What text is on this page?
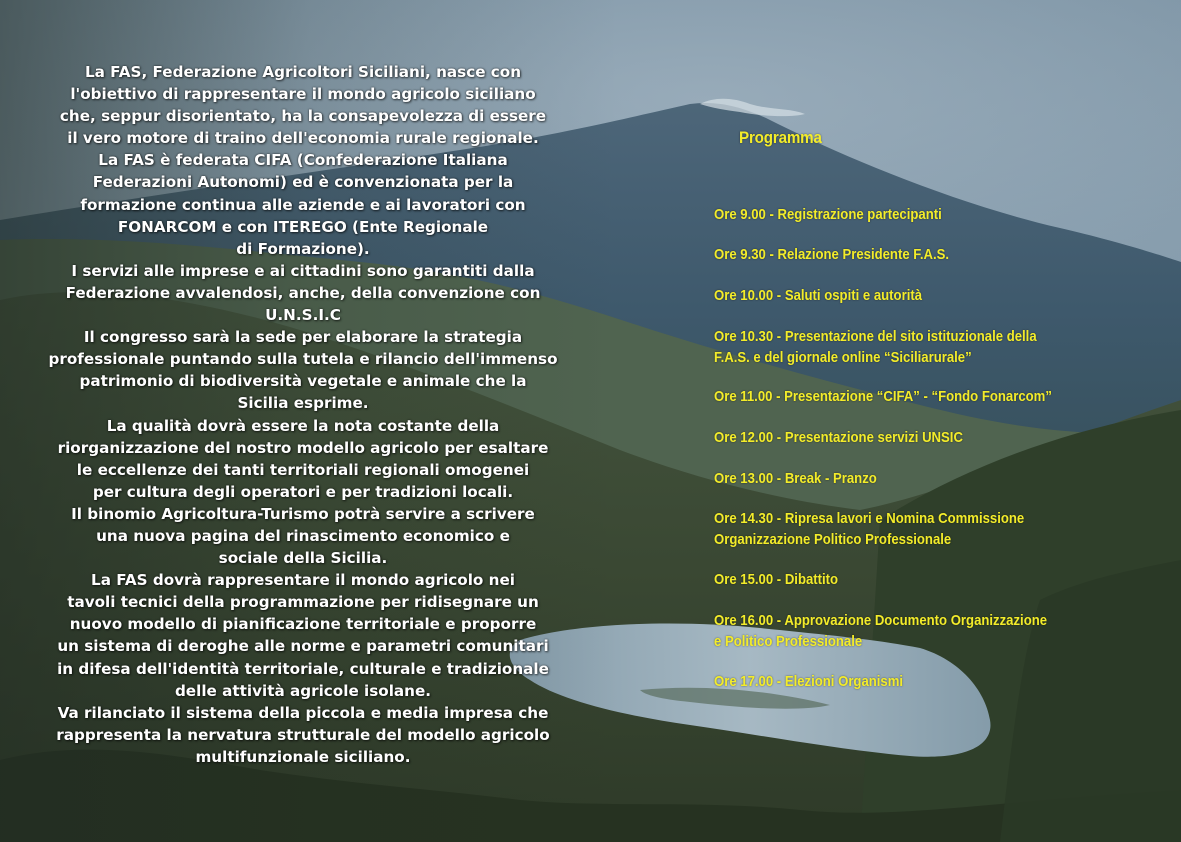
La FAS, Federazione Agricoltori Siciliani, nasce con
l'obiettivo di rappresentare il mondo agricolo siciliano
che, seppur disorientato, ha la consapevolezza di essere
il vero motore di traino dell'economia rurale regionale.
La FAS è federata CIFA (Confederazione Italiana
Federazioni Autonomi) ed è convenzionata per la
formazione continua alle aziende e ai lavoratori con
FONARCOM e con ITEREGO (Ente Regionale
di Formazione).
I servizi alle imprese e ai cittadini sono garantiti dalla
Federazione avvalendosi, anche, della convenzione con
U.N.S.I.C
Il congresso sarà la sede per elaborare la strategia
professionale puntando sulla tutela e rilancio dell'immenso
patrimonio di biodiversità vegetale e animale che la
Sicilia esprime.
La qualità dovrà essere la nota costante della
riorganizzazione del nostro modello agricolo per esaltare
le eccellenze dei tanti territoriali regionali omogenei
per cultura degli operatori e per tradizioni locali.
Il binomio Agricoltura-Turismo potrà servire a scrivere
una nuova pagina del rinascimento economico e
sociale della Sicilia.
La FAS dovrà rappresentare il mondo agricolo nei
tavoli tecnici della programmazione per ridisegnare un
nuovo modello di pianificazione territoriale e proporre
un sistema di deroghe alle norme e parametri comunitari
in difesa dell'identità territoriale, culturale e tradizionale
delle attività agricole isolane.
Va rilanciato il sistema della piccola e media impresa che
rappresenta la nervatura strutturale del modello agricolo
multifunzionale siciliano.
Programma
Ore 9.00 - Registrazione partecipanti
Ore 9.30 - Relazione Presidente F.A.S.
Ore 10.00 - Saluti ospiti e autorità
Ore 10.30 - Presentazione del sito istituzionale della
F.A.S. e del giornale online “Siciliarurale”
Ore 11.00 - Presentazione “CIFA” - “Fondo Fonarcom”
Ore 12.00 - Presentazione servizi UNSIC
Ore 13.00 - Break - Pranzo
Ore 14.30 - Ripresa lavori e Nomina Commissione
Organizzazione Politico Professionale
Ore 15.00 - Dibattito
Ore 16.00 - Approvazione Documento Organizzazione
e Politico Professionale
Ore 17.00 - Elezioni Organismi
